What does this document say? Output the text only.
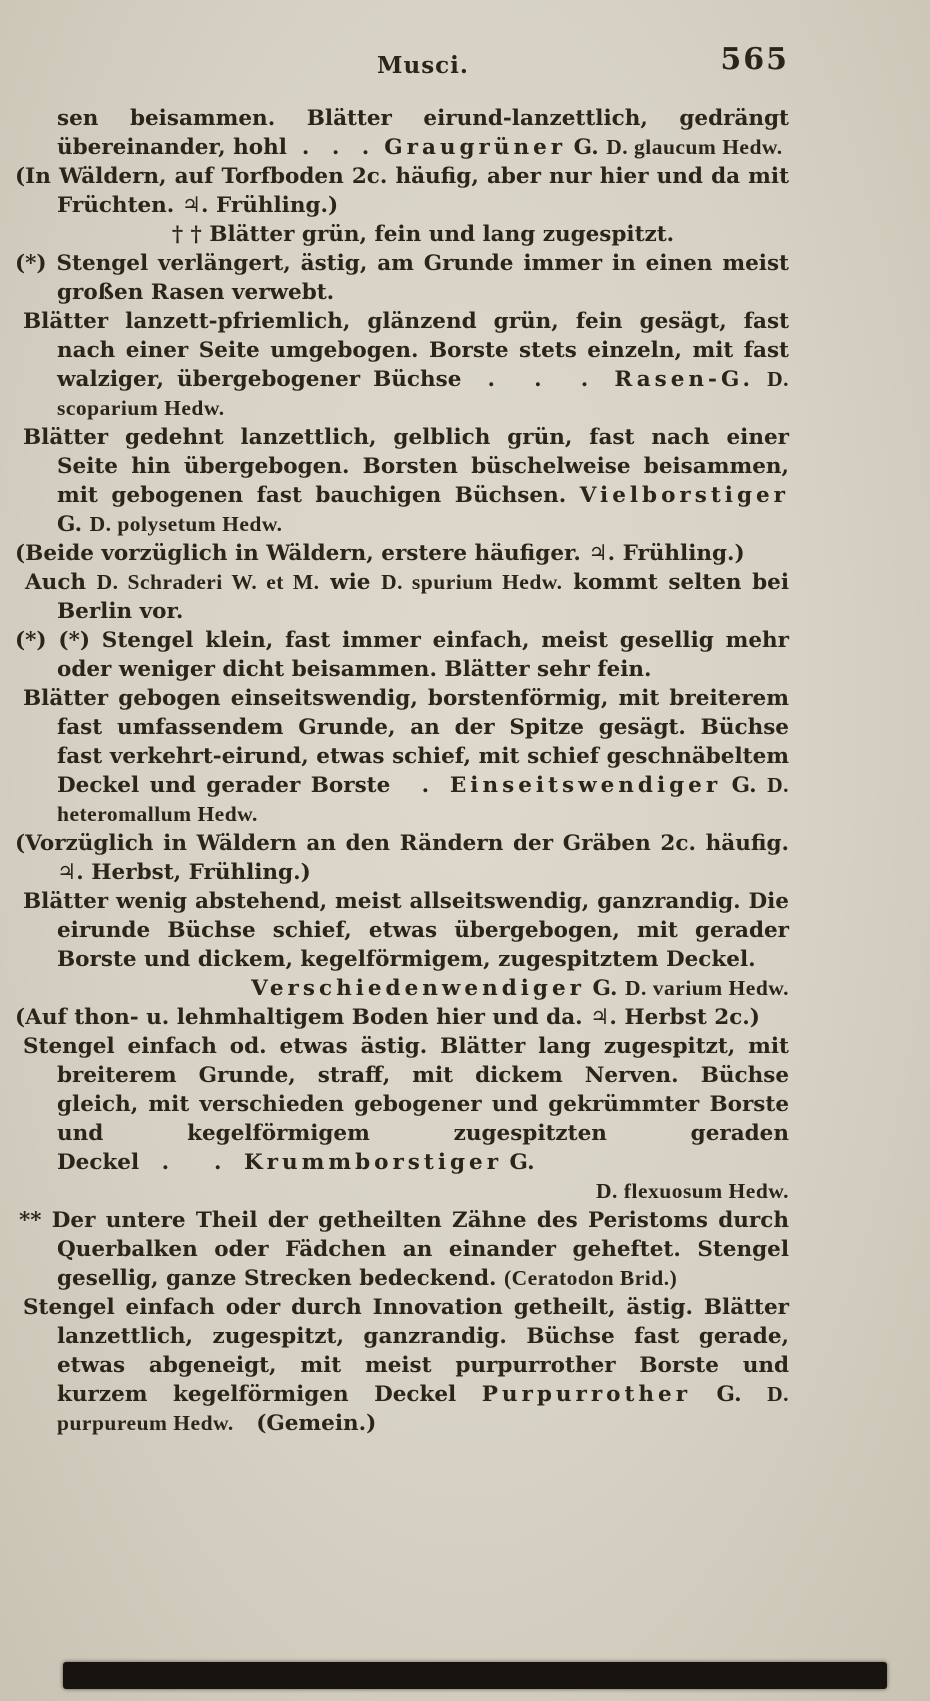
Musci.	565

sen beisammen. Blätter eirund-lanzettlich, gedrängt übereinander, hohl  .   .   .  Graugrüner G. D. glaucum Hedw.

(In Wäldern, auf Torfboden 2c. häufig, aber nur hier und da mit Früchten. ♃. Frühling.)

† † Blätter grün, fein und lang zugespitzt.

(*) Stengel verlängert, ästig, am Grunde immer in einen meist großen Rasen verwebt.

Blätter lanzett-pfriemlich, glänzend grün, fein gesägt, fast nach einer Seite umgebogen. Borste stets einzeln, mit fast walziger, übergebogener Büchse  .   .   .  Rasen-G. D. scoparium Hedw.

Blätter gedehnt lanzettlich, gelblich grün, fast nach einer Seite hin übergebogen. Borsten büschelweise beisammen, mit gebogenen fast bauchigen Büchsen. Vielborstiger G. D. polysetum Hedw.

(Beide vorzüglich in Wäldern, erstere häufiger. ♃. Frühling.)

Auch D. Schraderi W. et M. wie D. spurium Hedw. kommt selten bei Berlin vor.

(*) (*) Stengel klein, fast immer einfach, meist gesellig mehr oder weniger dicht beisammen. Blätter sehr fein.

Blätter gebogen einseitswendig, borstenförmig, mit breiterem fast umfassendem Grunde, an der Spitze gesägt. Büchse fast verkehrt-eirund, etwas schief, mit schief geschnäbeltem Deckel und gerader Borste   .  Einseitswendiger G. D. heteromallum Hedw.

(Vorzüglich in Wäldern an den Rändern der Gräben 2c. häufig. ♃. Herbst, Frühling.)

Blätter wenig abstehend, meist allseitswendig, ganzrandig. Die eirunde Büchse schief, etwas übergebogen, mit gerader Borste und dickem, kegelförmigem, zugespitztem Deckel.

Verschiedenwendiger G. D. varium Hedw.

(Auf thon- u. lehmhaltigem Boden hier und da. ♃. Herbst 2c.)

Stengel einfach od. etwas ästig. Blätter lang zugespitzt, mit breiterem Grunde, straff, mit dickem Nerven. Büchse gleich, mit verschieden gebogener und gekrümmter Borste und kegelförmigem zugespitzten geraden Deckel   .      .   Krummborstiger G.

D. flexuosum Hedw.

** Der untere Theil der getheilten Zähne des Peristoms durch Querbalken oder Fädchen an einander geheftet. Stengel gesellig, ganze Strecken bedeckend. (Ceratodon Brid.)

Stengel einfach oder durch Innovation getheilt, ästig. Blätter lanzettlich, zugespitzt, ganzrandig. Büchse fast gerade, etwas abgeneigt, mit meist purpurrother Borste und kurzem kegelförmigen Deckel Purpurrother G. D. purpureum Hedw.   (Gemein.)
